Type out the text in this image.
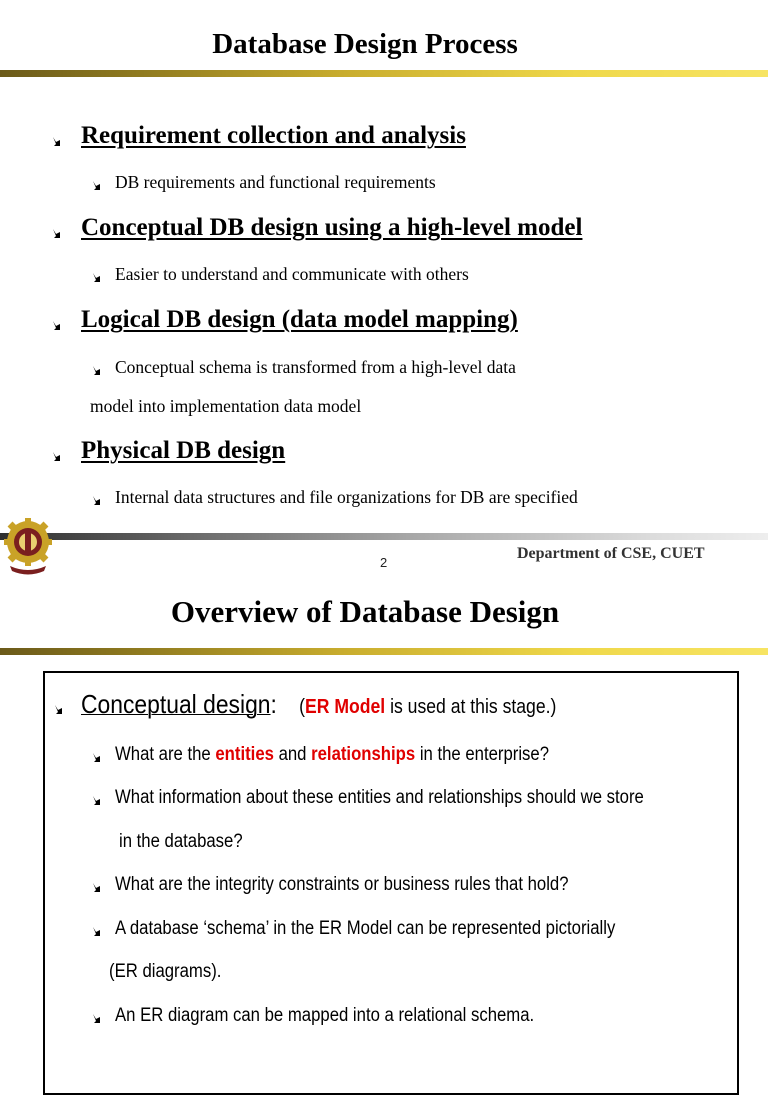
Database Design Process
Requirement collection and analysis
DB requirements and functional requirements
Conceptual DB design using a high-level model
Easier to understand and communicate with others
Logical DB design (data model mapping)
Conceptual schema is transformed from a high-level data
model into implementation data model
Physical DB design
Internal data structures and file organizations for DB are specified
2
Department of CSE, CUET
Overview of Database Design
Conceptual design: (ER Model is used at this stage.)
What are the entities and relationships in the enterprise?
What information about these entities and relationships should we store
in the database?
What are the integrity constraints or business rules that hold?
A database ‘schema’ in the ER Model can be represented pictorially
(ER diagrams).
An ER diagram can be mapped into a relational schema.
